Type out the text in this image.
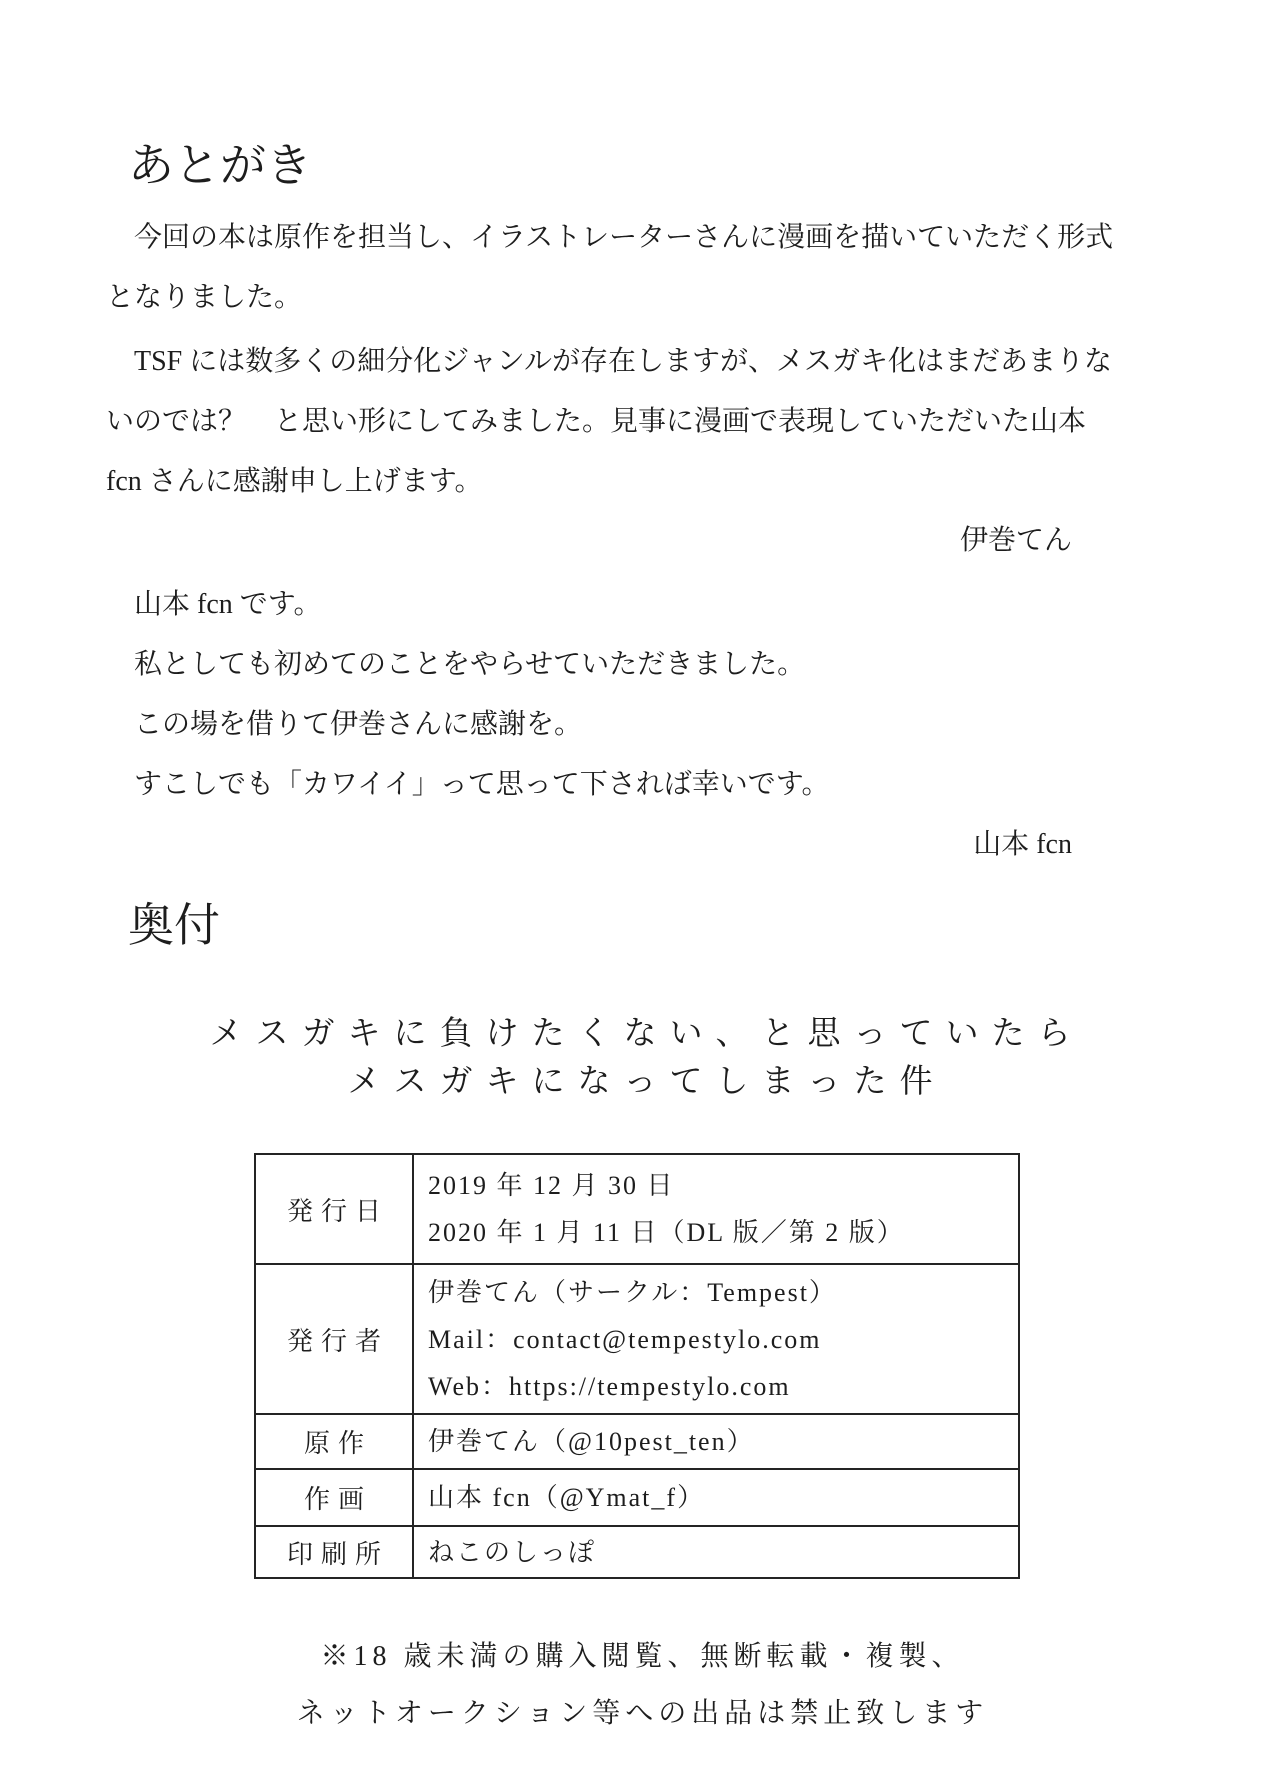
あとがき
　今回の本は原作を担当し、イラストレーターさんに漫画を描いていただく形式
となりました。
　TSF には数多くの細分化ジャンルが存在しますが、メスガキ化はまだあまりな
いのでは？　と思い形にしてみました。見事に漫画で表現していただいた山本
fcn さんに感謝申し上げます。
伊巻てん
　山本 fcn です。
　私としても初めてのことをやらせていただきました。
　この場を借りて伊巻さんに感謝を。
　すこしでも「カワイイ」って思って下されば幸いです。
山本 fcn
奥付
メスガキに負けたくない、と思っていたら
メスガキになってしまった件
発行日	2019 年 12 月 30 日
2020 年 1 月 11 日（DL 版／第 2 版）

発行者	伊巻てん（サークル：Tempest）
Mail：contact@tempestylo.com
Web：https://tempestylo.com

原作	伊巻てん（@10pest_ten）

作画	山本 fcn（@Ymat_f）

印刷所	ねこのしっぽ
※18 歳未満の購入閲覧、無断転載・複製、
ネットオークション等への出品は禁止致します
